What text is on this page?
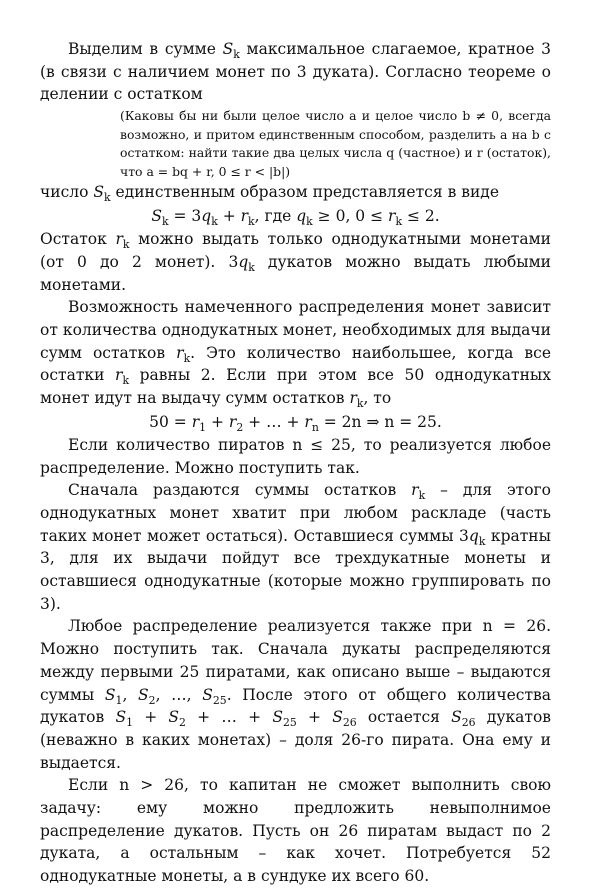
Выделим в сумме $S_k$ максимальное слагаемое, кратное 3 (в связи с наличием монет по 3 дуката). Согласно теореме о делении с остатком

(Каковы бы ни были целое число a и целое число b ≠ 0, всегда возможно, и притом единственным способом, разделить a на b с остатком: найти такие два целых числа q (частное) и r (остаток), что a = bq + r, 0 ≤ r < |b|)

число $S_k$ единственным образом представляется в виде

$S_k = 3q_k + r_k$, где $q_k \ge 0$, $0 \le r_k \le 2$.

Остаток $r_k$ можно выдать только однодукатными монетами (от 0 до 2 монет). $3q_k$ дукатов можно выдать любыми монетами.

Возможность намеченного распределения монет зависит от количества однодукатных монет, необходимых для выдачи сумм остатков $r_k$. Это количество наибольшее, когда все остатки $r_k$ равны 2. Если при этом все 50 однодукатных монет идут на выдачу сумм остатков $r_k$, то

$50 = r_1 + r_2$ + … + $r_n = 2n$ ⇒ n = 25.

Если количество пиратов n ≤ 25, то реализуется любое распределение. Можно поступить так.

Сначала раздаются суммы остатков $r_k$ – для этого однодукатных монет хватит при любом раскладе (часть таких монет может остаться). Оставшиеся суммы $3q_k$ кратны 3, для их выдачи пойдут все трехдукатные монеты и оставшиеся однодукатные (которые можно группировать по 3).

Любое распределение реализуется также при n = 26. Можно поступить так. Сначала дукаты распределяются между первыми 25 пиратами, как описано выше – выдаются суммы $S_1$, $S_2$, …, $S_{25}$. После этого от общего количества дукатов $S_1 + S_2$ + … + $S_{25} + S_{26}$ остается $S_{26}$ дукатов (неважно в каких монетах) – доля 26-го пирата. Она ему и выдается.

Если n > 26, то капитан не сможет выполнить свою задачу: ему можно предложить невыполнимое распределение дукатов. Пусть он 26 пиратам выдаст по 2 дуката, а остальным – как хочет. Потребуется 52 однодукатные монеты, а в сундуке их всего 60.
